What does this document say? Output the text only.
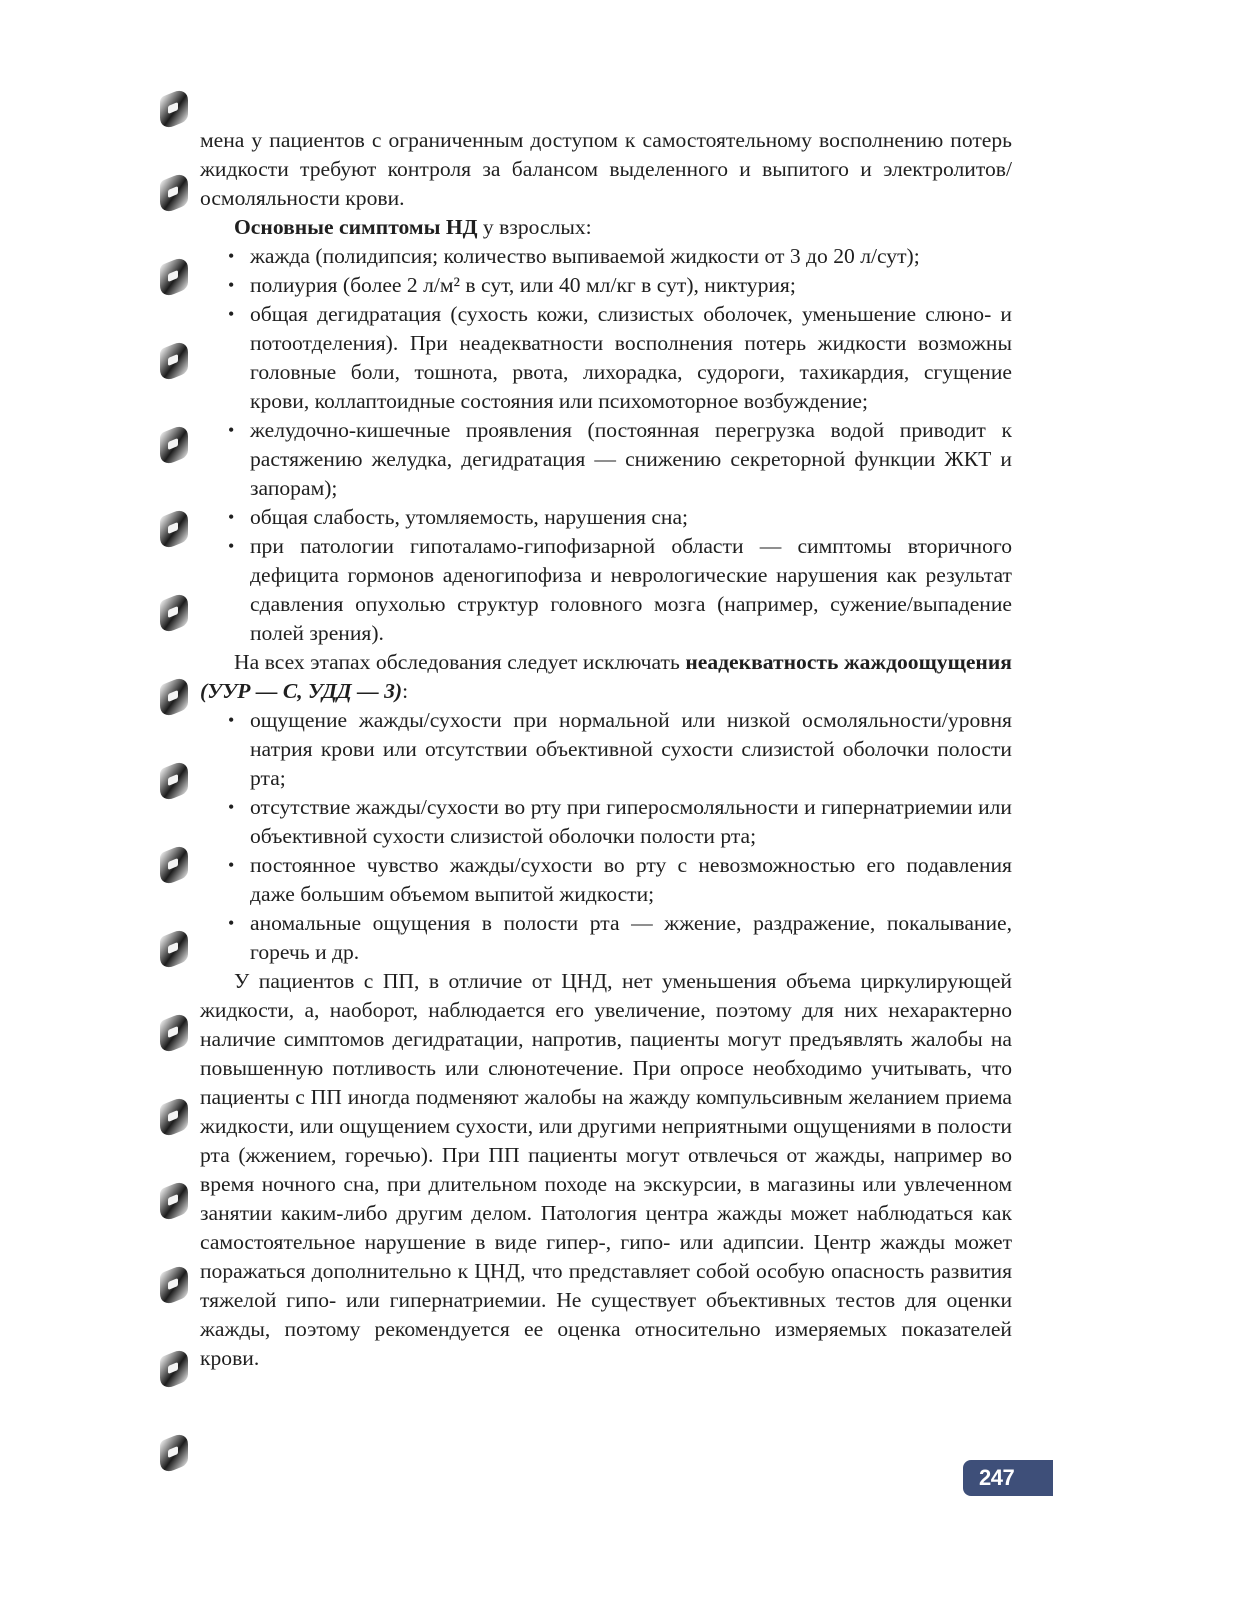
мена у пациентов с ограниченным доступом к самостоятельному восполнению потерь жидкости требуют контроля за балансом выделенного и выпитого и электролитов/осмоляльности крови.

Основные симптомы НД у взрослых:

• жажда (полидипсия; количество выпиваемой жидкости от 3 до 20 л/сут);
• полиурия (более 2 л/м² в сут, или 40 мл/кг в сут), никтурия;
• общая дегидратация (сухость кожи, слизистых оболочек, уменьшение слюно- и потоотделения). При неадекватности восполнения потерь жидкости возможны головные боли, тошнота, рвота, лихорадка, судороги, тахикардия, сгущение крови, коллаптоидные состояния или психомоторное возбуждение;
• желудочно-кишечные проявления (постоянная перегрузка водой приводит к растяжению желудка, дегидратация — снижению секреторной функции ЖКТ и запорам);
• общая слабость, утомляемость, нарушения сна;
• при патологии гипоталамо-гипофизарной области — симптомы вторичного дефицита гормонов аденогипофиза и неврологические нарушения как результат сдавления опухолью структур головного мозга (например, сужение/выпадение полей зрения).

На всех этапах обследования следует исключать неадекватность жаждоощущения (УУР — С, УДД — 3):

• ощущение жажды/сухости при нормальной или низкой осмоляльности/уровня натрия крови или отсутствии объективной сухости слизистой оболочки полости рта;
• отсутствие жажды/сухости во рту при гиперосмоляльности и гипернатриемии или объективной сухости слизистой оболочки полости рта;
• постоянное чувство жажды/сухости во рту с невозможностью его подавления даже большим объемом выпитой жидкости;
• аномальные ощущения в полости рта — жжение, раздражение, покалывание, горечь и др.

У пациентов с ПП, в отличие от ЦНД, нет уменьшения объема циркулирующей жидкости, а, наоборот, наблюдается его увеличение, поэтому для них нехарактерно наличие симптомов дегидратации, напротив, пациенты могут предъявлять жалобы на повышенную потливость или слюнотечение. При опросе необходимо учитывать, что пациенты с ПП иногда подменяют жалобы на жажду компульсивным желанием приема жидкости, или ощущением сухости, или другими неприятными ощущениями в полости рта (жжением, горечью). При ПП пациенты могут отвлечься от жажды, например во время ночного сна, при длительном походе на экскурсии, в магазины или увлеченном занятии каким-либо другим делом. Патология центра жажды может наблюдаться как самостоятельное нарушение в виде гипер-, гипо- или адипсии. Центр жажды может поражаться дополнительно к ЦНД, что представляет собой особую опасность развития тяжелой гипо- или гипернатриемии. Не существует объективных тестов для оценки жажды, поэтому рекомендуется ее оценка относительно измеряемых показателей крови.

247
